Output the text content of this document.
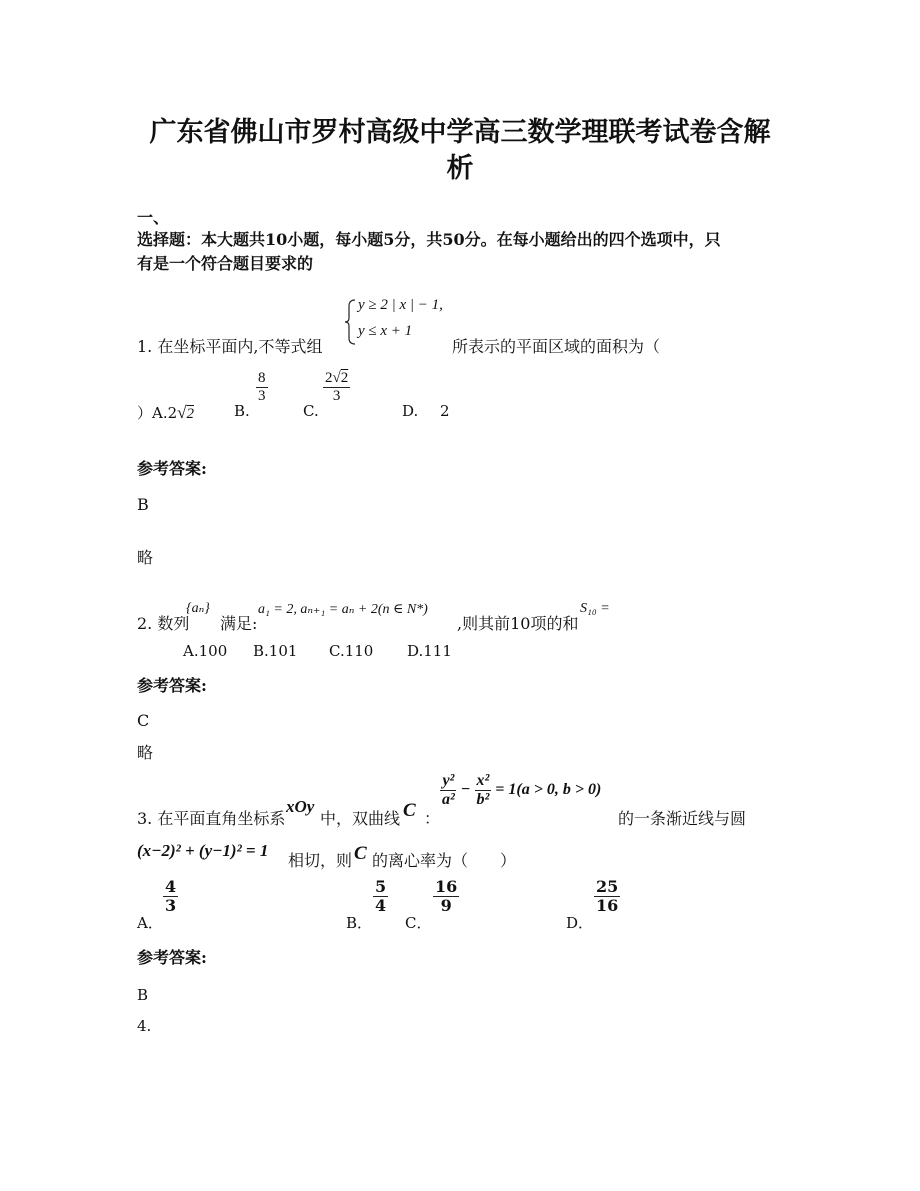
广东省佛山市罗村高级中学高三数学理联考试卷含解
析
一、
选择题：本大题共10小题，每小题5分，共50分。在每小题给出的四个选项中，只
有是一个符合题目要求的
1. 在坐标平面内,不等式组
y ≥ 2 | x | − 1,
y ≤ x + 1
所表示的平面区域的面积为（
）A.2√2	B.
$\frac{8}{3}$
C.
$\frac{2√2}{3}$
D. 2
参考答案:
B
略
2. 数列
{aₙ}
满足:
a₁ = 2, aₙ₊₁ = aₙ + 2(n ∈ N*)
,则其前10项的和
S₁₀ =
A.100 B.101 C.110 D.111
参考答案:
C
略
3. 在平面直角坐标系
xOy
中，双曲线 C ：
$\frac{\text{y²}}{\text{a²}} - \frac{\text{x²}}{\text{b²}} = 1(a > 0$, b > 0)
的一条渐近线与圆
(x−2)² + (y−1)² = 1
相切，则 C 的离心率为（　　）
A．
$\frac{4}{3}$
B．
$\frac{5}{4}$
C．
$\frac{16}{9}$
D．
$\frac{25}{16}$
参考答案:
B
4.
